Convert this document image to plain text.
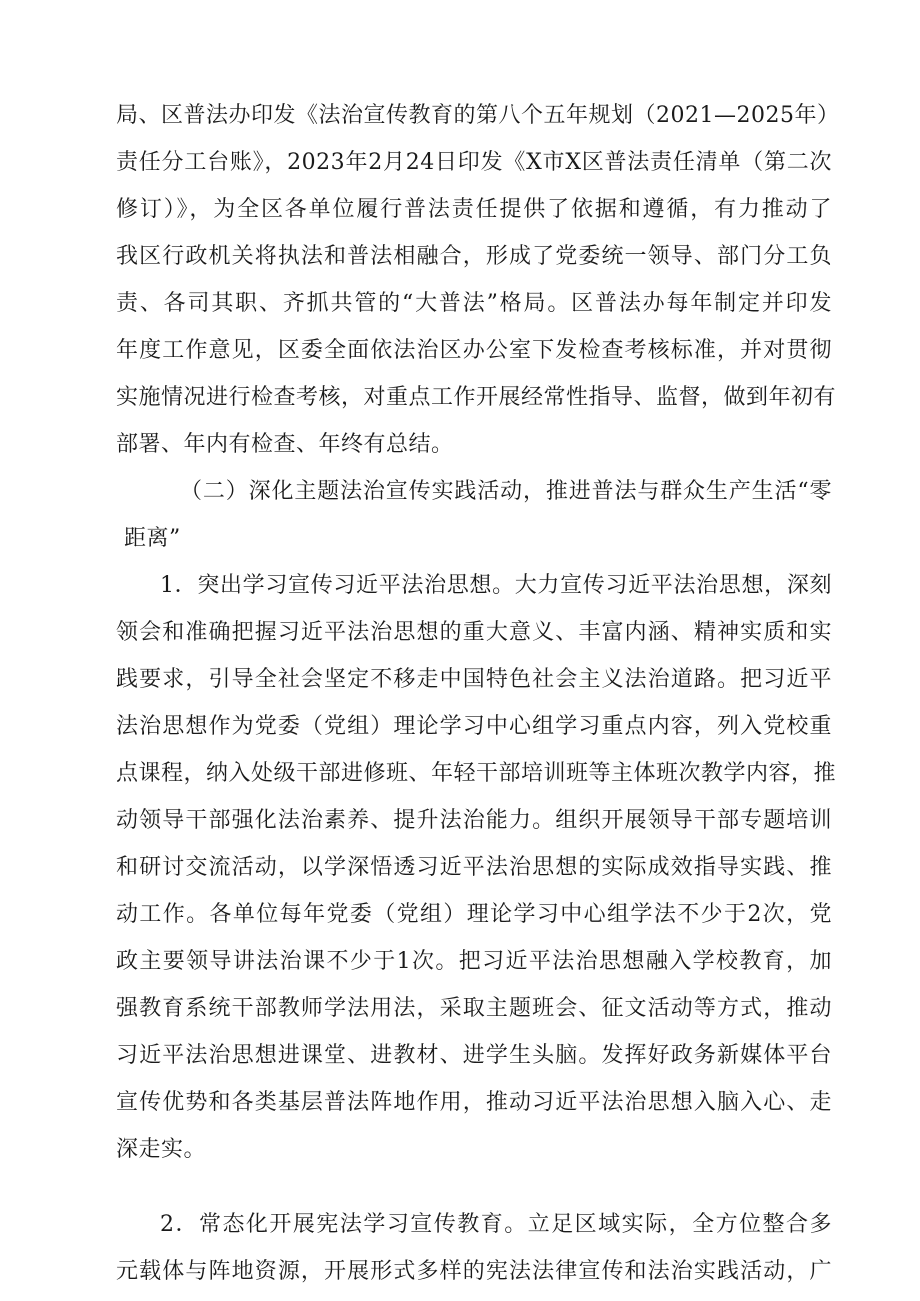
局、区普法办印发《法治宣传教育的第八个五年规划（2021—2025年）
责任分工台账》，2023年2月24日印发《X市X区普法责任清单（第二次
修订）》，为全区各单位履行普法责任提供了依据和遵循，有力推动了
我区行政机关将执法和普法相融合，形成了党委统一领导、部门分工负
责、各司其职、齐抓共管的“大普法”格局。区普法办每年制定并印发
年度工作意见，区委全面依法治区办公室下发检查考核标准，并对贯彻
实施情况进行检查考核，对重点工作开展经常性指导、监督，做到年初有
部署、年内有检查、年终有总结。
（二）深化主题法治宣传实践活动，推进普法与群众生产生活“零
距离”
1．突出学习宣传习近平法治思想。大力宣传习近平法治思想，深刻
领会和准确把握习近平法治思想的重大意义、丰富内涵、精神实质和实
践要求，引导全社会坚定不移走中国特色社会主义法治道路。把习近平
法治思想作为党委（党组）理论学习中心组学习重点内容，列入党校重
点课程，纳入处级干部进修班、年轻干部培训班等主体班次教学内容，推
动领导干部强化法治素养、提升法治能力。组织开展领导干部专题培训
和研讨交流活动，以学深悟透习近平法治思想的实际成效指导实践、推
动工作。各单位每年党委（党组）理论学习中心组学法不少于2次，党
政主要领导讲法治课不少于1次。把习近平法治思想融入学校教育，加
强教育系统干部教师学法用法，采取主题班会、征文活动等方式，推动
习近平法治思想进课堂、进教材、进学生头脑。发挥好政务新媒体平台
宣传优势和各类基层普法阵地作用，推动习近平法治思想入脑入心、走
深走实。
2．常态化开展宪法学习宣传教育。立足区域实际，全方位整合多
元载体与阵地资源，开展形式多样的宪法法律宣传和法治实践活动，广
